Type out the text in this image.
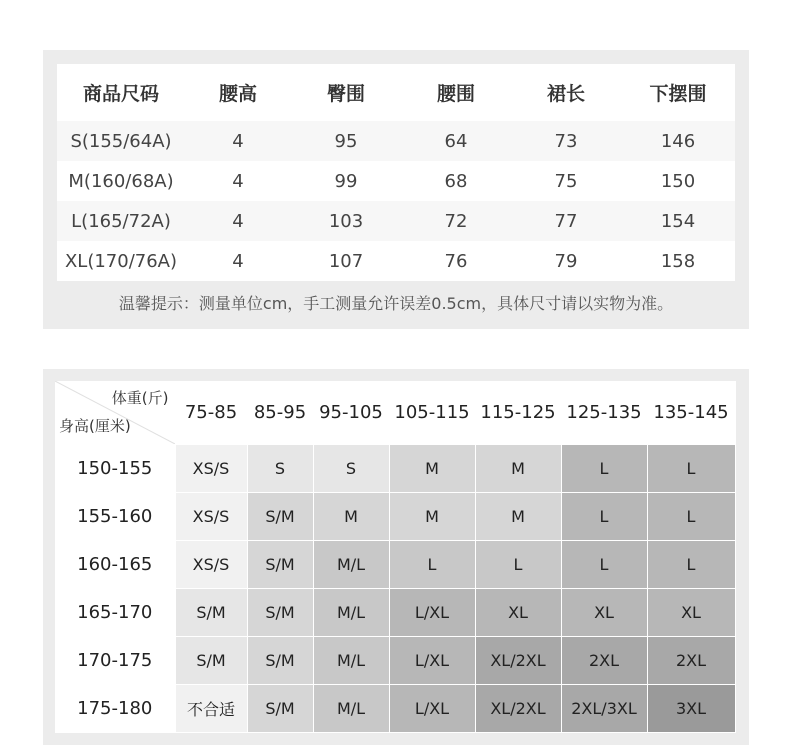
商品尺码	腰高	臀围	腰围	裙长	下摆围
S(155/64A)	4	95	64	73	146
M(160/68A)	4	99	68	75	150
L(165/72A)	4	103	72	77	154
XL(170/76A)	4	107	76	79	158
温馨提示：测量单位cm，手工测量允许误差0.5cm，具体尺寸请以实物为准。
体重(斤)
身高(厘米)	75-85	85-95	95-105	105-115	115-125	125-135	135-145
150-155	XS/S	S	S	M	M	L	L
155-160	XS/S	S/M	M	M	M	L	L
160-165	XS/S	S/M	M/L	L	L	L	L
165-170	S/M	S/M	M/L	L/XL	XL	XL	XL
170-175	S/M	S/M	M/L	L/XL	XL/2XL	2XL	2XL
175-180	不合适	S/M	M/L	L/XL	XL/2XL	2XL/3XL	3XL
